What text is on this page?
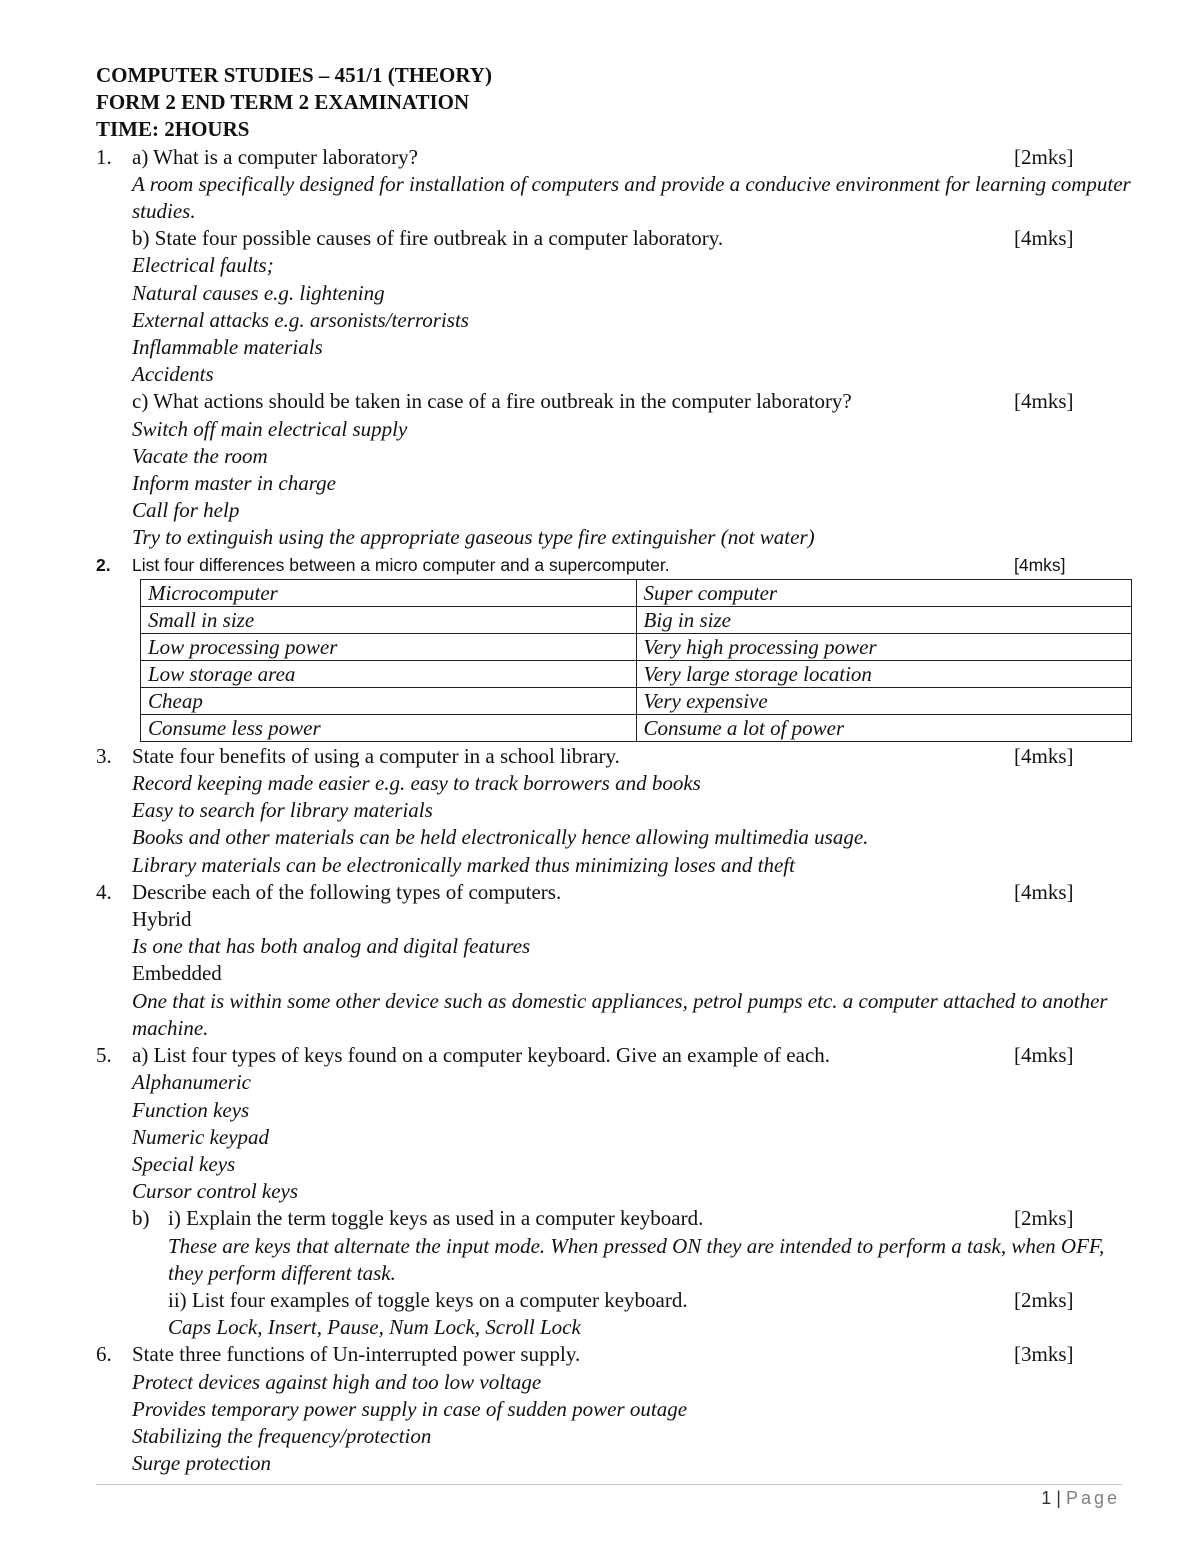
COMPUTER STUDIES – 451/1 (THEORY)
FORM 2 END TERM 2 EXAMINATION
TIME: 2HOURS
1. a) What is a computer laboratory?	[2mks]
A room specifically designed for installation of computers and provide a conducive environment for learning computer studies.
b) State four possible causes of fire outbreak in a computer laboratory.	[4mks]
Electrical faults;
Natural causes e.g. lightening
External attacks e.g. arsonists/terrorists
Inflammable materials
Accidents
c) What actions should be taken in case of a fire outbreak in the computer laboratory?	[4mks]
Switch off main electrical supply
Vacate the room
Inform master in charge
Call for help
Try to extinguish using the appropriate gaseous type fire extinguisher (not water)
2. List four differences between a micro computer and a supercomputer.	[4mks]
Microcomputer	Super computer
Small in size	Big in size
Low processing power	Very high processing power
Low storage area	Very large storage location
Cheap	Very expensive
Consume less power	Consume a lot of power
3. State four benefits of using a computer in a school library.	[4mks]
Record keeping made easier e.g. easy to track borrowers and books
Easy to search for library materials
Books and other materials can be held electronically hence allowing multimedia usage.
Library materials can be electronically marked thus minimizing loses and theft
4. Describe each of the following types of computers.	[4mks]
Hybrid
Is one that has both analog and digital features
Embedded
One that is within some other device such as domestic appliances, petrol pumps etc. a computer attached to another machine.
5. a) List four types of keys found on a computer keyboard. Give an example of each.	[4mks]
Alphanumeric
Function keys
Numeric keypad
Special keys
Cursor control keys
b) i) Explain the term toggle keys as used in a computer keyboard.	[2mks]
These are keys that alternate the input mode. When pressed ON they are intended to perform a task, when OFF, they perform different task.
ii) List four examples of toggle keys on a computer keyboard.	[2mks]
Caps Lock, Insert, Pause, Num Lock, Scroll Lock
6. State three functions of Un-interrupted power supply.	[3mks]
Protect devices against high and too low voltage
Provides temporary power supply in case of sudden power outage
Stabilizing the frequency/protection
Surge protection
1 | Page
